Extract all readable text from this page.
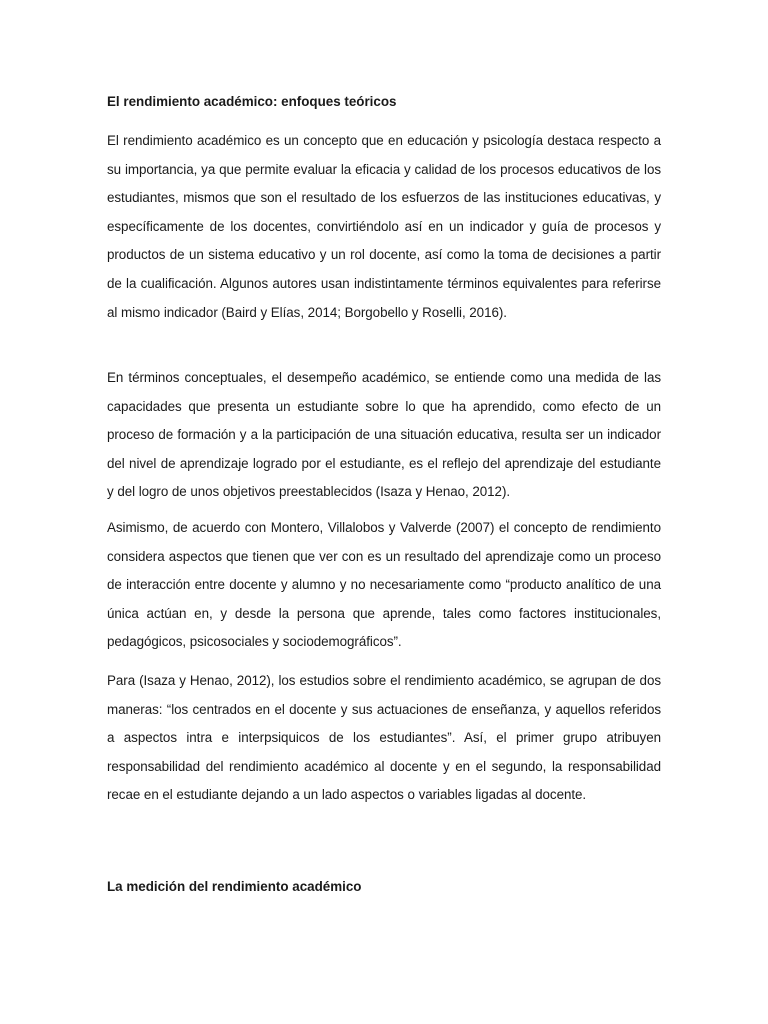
El rendimiento académico: enfoques teóricos

El rendimiento académico es un concepto que en educación y psicología destaca respecto a su importancia, ya que permite evaluar la eficacia y calidad de los procesos educativos de los estudiantes, mismos que son el resultado de los esfuerzos de las instituciones educativas, y específicamente de los docentes, convirtiéndolo así en un indicador y guía de procesos y productos de un sistema educativo y un rol docente, así como la toma de decisiones a partir de la cualificación. Algunos autores usan indistintamente términos equivalentes para referirse al mismo indicador (Baird y Elías, 2014; Borgobello y Roselli, 2016).

En términos conceptuales, el desempeño académico, se entiende como una medida de las capacidades que presenta un estudiante sobre lo que ha aprendido, como efecto de un proceso de formación y a la participación de una situación educativa, resulta ser un indicador del nivel de aprendizaje logrado por el estudiante, es el reflejo del aprendizaje del estudiante y del logro de unos objetivos preestablecidos (Isaza y Henao, 2012).

Asimismo, de acuerdo con Montero, Villalobos y Valverde (2007) el concepto de rendimiento considera aspectos que tienen que ver con es un resultado del aprendizaje como un proceso de interacción entre docente y alumno y no necesariamente como “producto analítico de una única actúan en, y desde la persona que aprende, tales como factores institucionales, pedagógicos, psicosociales y sociodemográficos”.

Para (Isaza y Henao, 2012), los estudios sobre el rendimiento académico, se agrupan de dos maneras: “los centrados en el docente y sus actuaciones de enseñanza, y aquellos referidos a aspectos intra e interpsiquicos de los estudiantes”. Así, el primer grupo atribuyen responsabilidad del rendimiento académico al docente y en el segundo, la responsabilidad recae en el estudiante dejando a un lado aspectos o variables ligadas al docente.

La medición del rendimiento académico
